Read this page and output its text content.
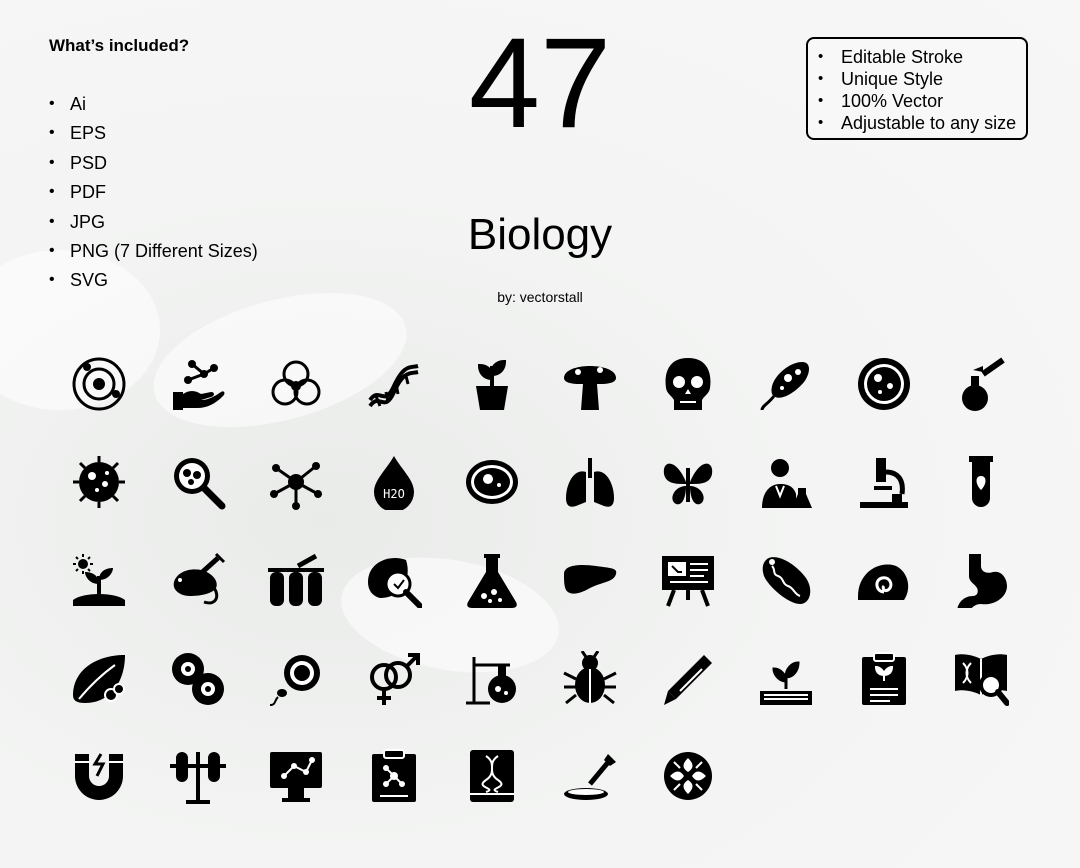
What’s included?
• Ai
• EPS
• PSD
• PDF
• JPG
• PNG (7 Different Sizes)
• SVG
47
Biology
by: vectorstall
• Editable Stroke
• Unique Style
• 100% Vector
• Adjustable to any size
H2O
